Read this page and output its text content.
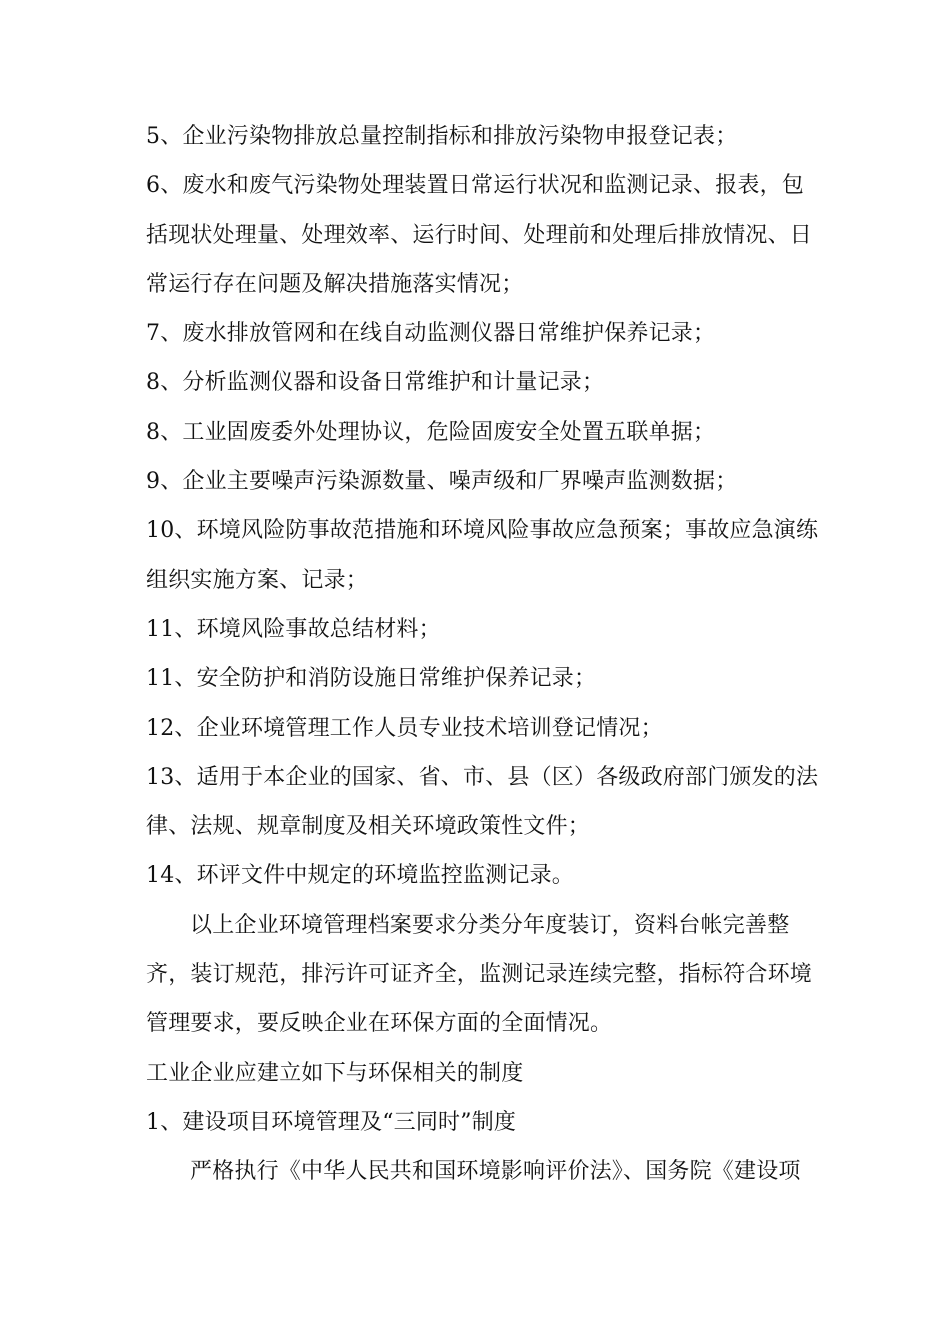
5、企业污染物排放总量控制指标和排放污染物申报登记表；
6、废水和废气污染物处理装置日常运行状况和监测记录、报表，包
括现状处理量、处理效率、运行时间、处理前和处理后排放情况、日
常运行存在问题及解决措施落实情况；
7、废水排放管网和在线自动监测仪器日常维护保养记录；
8、分析监测仪器和设备日常维护和计量记录；
8、工业固废委外处理协议，危险固废安全处置五联单据；
9、企业主要噪声污染源数量、噪声级和厂界噪声监测数据；
10、环境风险防事故范措施和环境风险事故应急预案；事故应急演练
组织实施方案、记录；
11、环境风险事故总结材料；
11、安全防护和消防设施日常维护保养记录；
12、企业环境管理工作人员专业技术培训登记情况；
13、适用于本企业的国家、省、市、县（区）各级政府部门颁发的法
律、法规、规章制度及相关环境政策性文件；
14、环评文件中规定的环境监控监测记录。
以上企业环境管理档案要求分类分年度装订，资料台帐完善整
齐，装订规范，排污许可证齐全，监测记录连续完整，指标符合环境
管理要求，要反映企业在环保方面的全面情况。
工业企业应建立如下与环保相关的制度
1、建设项目环境管理及“三同时”制度
严格执行《中华人民共和国环境影响评价法》、国务院《建设项
